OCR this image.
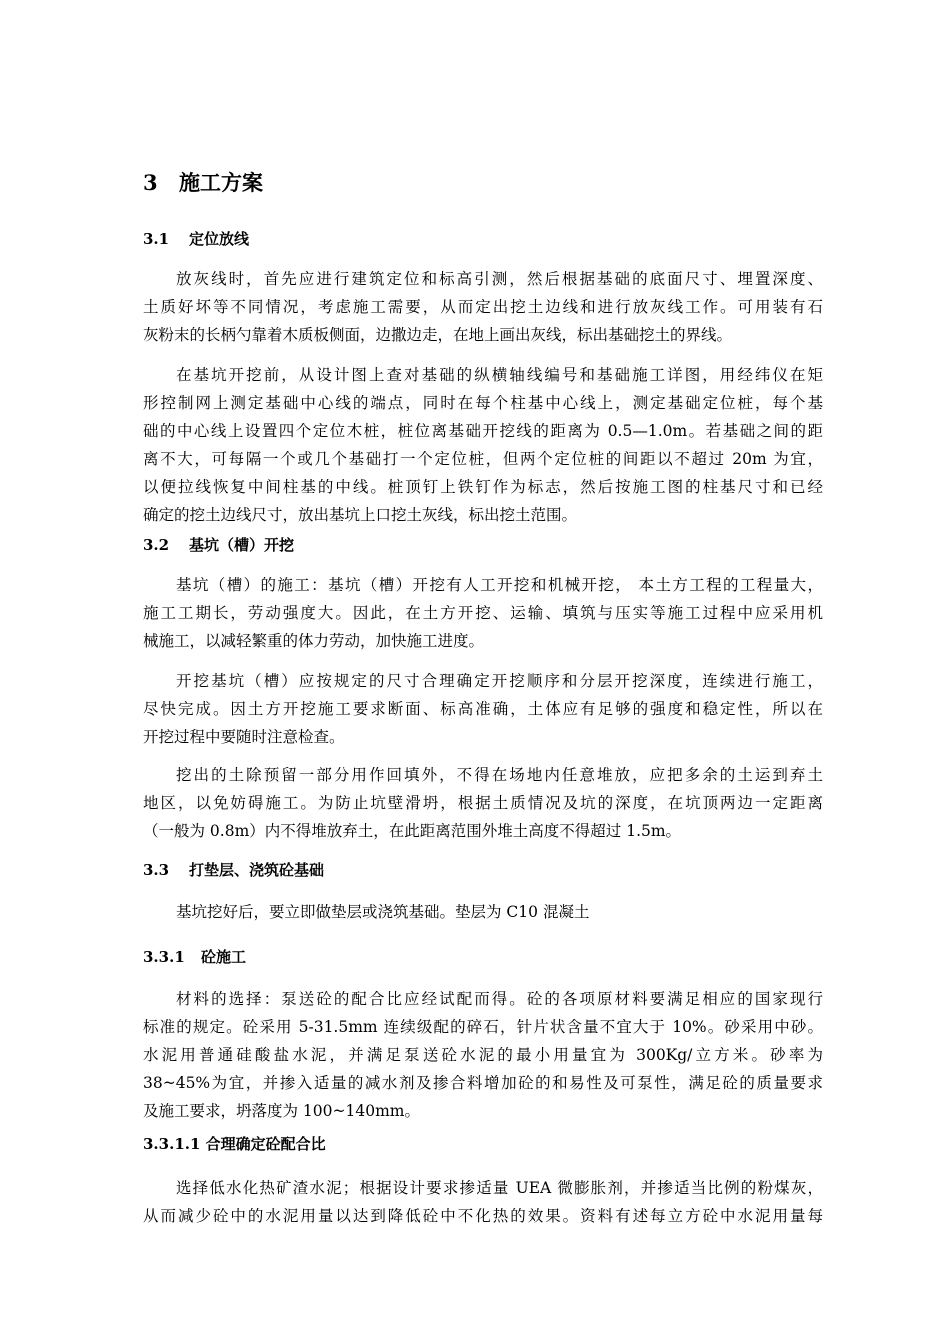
3 施工方案
3.1 定位放线
放灰线时，首先应进行建筑定位和标高引测，然后根据基础的底面尺寸、埋置深度、
土质好坏等不同情况，考虑施工需要，从而定出挖土边线和进行放灰线工作。可用装有石
灰粉末的长柄勺靠着木质板侧面，边撒边走，在地上画出灰线，标出基础挖土的界线。
在基坑开挖前，从设计图上查对基础的纵横轴线编号和基础施工详图，用经纬仪在矩
形控制网上测定基础中心线的端点，同时在每个柱基中心线上，测定基础定位桩，每个基
础的中心线上设置四个定位木桩，桩位离基础开挖线的距离为 0.5—1.0m。若基础之间的距
离不大，可每隔一个或几个基础打一个定位桩，但两个定位桩的间距以不超过 20m 为宜，
以便拉线恢复中间柱基的中线。桩顶钉上铁钉作为标志，然后按施工图的柱基尺寸和已经
确定的挖土边线尺寸，放出基坑上口挖土灰线，标出挖土范围。
3.2 基坑（槽）开挖
基坑（槽）的施工：基坑（槽）开挖有人工开挖和机械开挖， 本土方工程的工程量大，
施工工期长，劳动强度大。因此，在土方开挖、运输、填筑与压实等施工过程中应采用机
械施工，以减轻繁重的体力劳动，加快施工进度。
开挖基坑（槽）应按规定的尺寸合理确定开挖顺序和分层开挖深度，连续进行施工，
尽快完成。因土方开挖施工要求断面、标高准确，土体应有足够的强度和稳定性，所以在
开挖过程中要随时注意检查。
挖出的土除预留一部分用作回填外，不得在场地内任意堆放，应把多余的土运到弃土
地区，以免妨碍施工。为防止坑壁滑坍，根据土质情况及坑的深度，在坑顶两边一定距离
（一般为 0.8m）内不得堆放弃土，在此距离范围外堆土高度不得超过 1.5m。
3.3 打垫层、浇筑砼基础
基坑挖好后，要立即做垫层或浇筑基础。垫层为 C10 混凝土
3.3.1 砼施工
材料的选择：泵送砼的配合比应经试配而得。砼的各项原材料要满足相应的国家现行
标准的规定。砼采用 5-31.5mm 连续级配的碎石，针片状含量不宜大于 10%。砂采用中砂。
水泥用普通硅酸盐水泥，并满足泵送砼水泥的最小用量宜为 300Kg/立方米。砂率为
38~45%为宜，并掺入适量的减水剂及掺合料增加砼的和易性及可泵性，满足砼的质量要求
及施工要求，坍落度为 100~140mm。
3.3.1.1 合理确定砼配合比
选择低水化热矿渣水泥；根据设计要求掺适量 UEA 微膨胀剂，并掺适当比例的粉煤灰，
从而减少砼中的水泥用量以达到降低砼中不化热的效果。资料有述每立方砼中水泥用量每
